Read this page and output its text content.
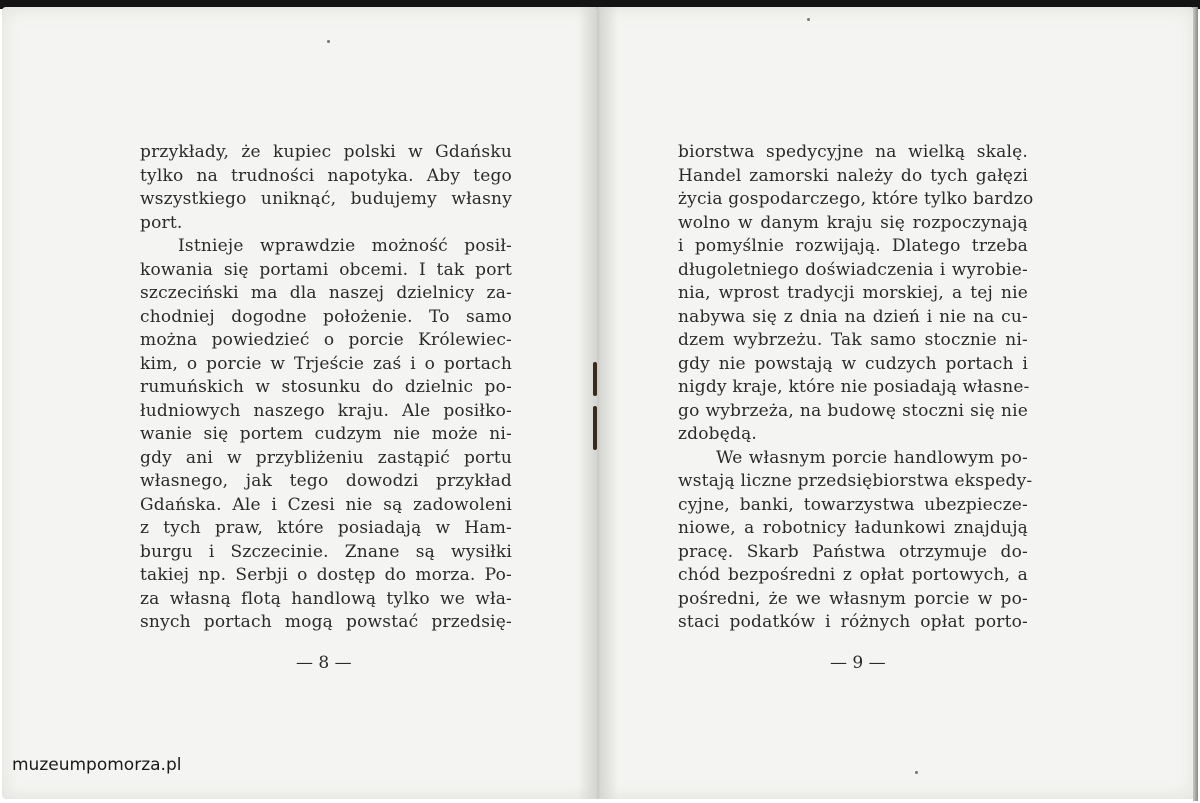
przykłady, że kupiec polski w Gdańsku
tylko na trudności napotyka. Aby tego
wszystkiego uniknąć, budujemy własny
port.
Istnieje wprawdzie możność posił-
kowania się portami obcemi. I tak port
szczeciński ma dla naszej dzielnicy za-
chodniej dogodne położenie. To samo
można powiedzieć o porcie Królewiec-
kim, o porcie w Trjeście zaś i o portach
rumuńskich w stosunku do dzielnic po-
łudniowych naszego kraju. Ale posiłko-
wanie się portem cudzym nie może ni-
gdy ani w przybliżeniu zastąpić portu
własnego, jak tego dowodzi przykład
Gdańska. Ale i Czesi nie są zadowoleni
z tych praw, które posiadają w Ham-
burgu i Szczecinie. Znane są wysiłki
takiej np. Serbji o dostęp do morza. Po-
za własną flotą handlową tylko we wła-
snych portach mogą powstać przedsię-
biorstwa spedycyjne na wielką skalę.
Handel zamorski należy do tych gałęzi
życia gospodarczego, które tylko bardzo
wolno w danym kraju się rozpoczynają
i pomyślnie rozwijają. Dlatego trzeba
długoletniego doświadczenia i wyrobie-
nia, wprost tradycji morskiej, a tej nie
nabywa się z dnia na dzień i nie na cu-
dzem wybrzeżu. Tak samo stocznie ni-
gdy nie powstają w cudzych portach i
nigdy kraje, które nie posiadają własne-
go wybrzeża, na budowę stoczni się nie
zdobędą.
We własnym porcie handlowym po-
wstają liczne przedsiębiorstwa ekspedy-
cyjne, banki, towarzystwa ubezpiecze-
niowe, a robotnicy ładunkowi znajdują
pracę. Skarb Państwa otrzymuje do-
chód bezpośredni z opłat portowych, a
pośredni, że we własnym porcie w po-
staci podatków i różnych opłat porto-
— 8 —	— 9 —
muzeumpomorza.pl
